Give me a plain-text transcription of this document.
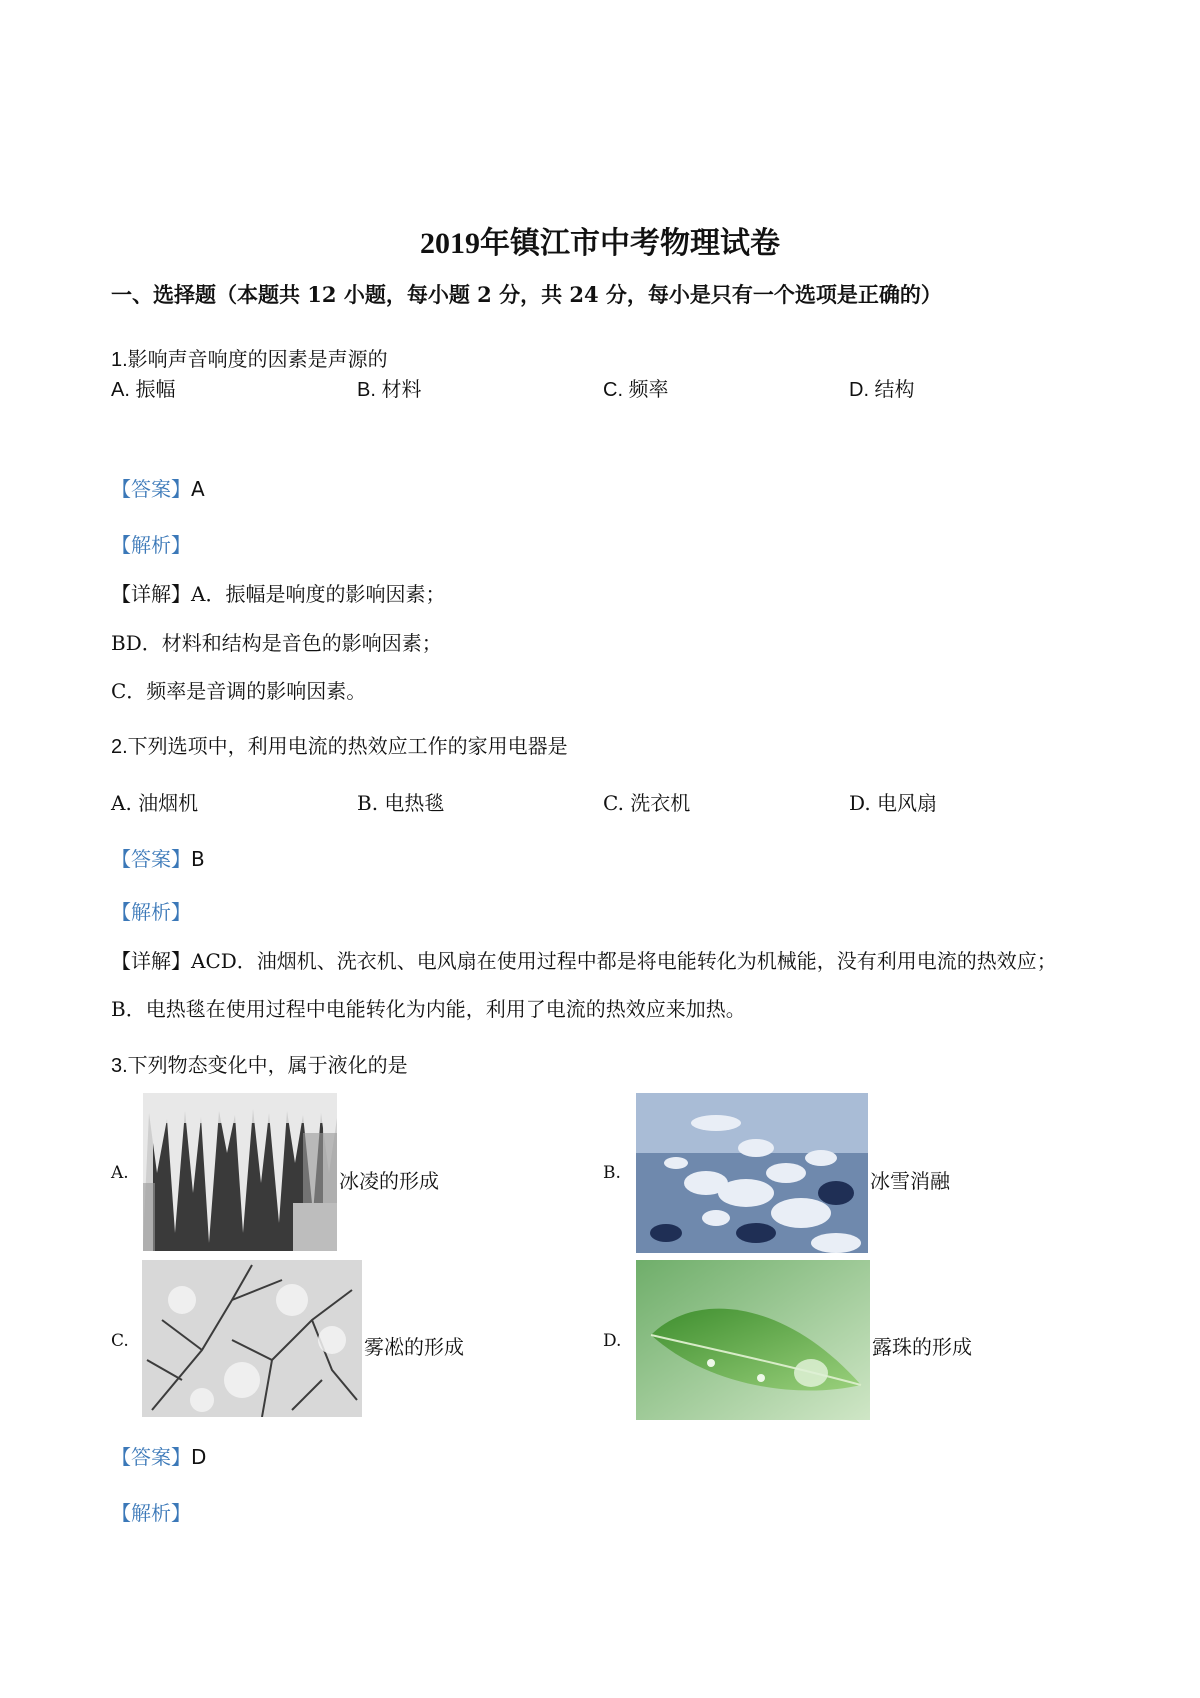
2019年镇江市中考物理试卷
一、选择题（本题共 12 小题，每小题 2 分，共 24 分，每小是只有一个选项是正确的）
1.影响声音响度的因素是声源的
A. 振幅	B. 材料	C. 频率	D. 结构
【答案】A
【解析】
【详解】A．振幅是响度的影响因素；
BD．材料和结构是音色的影响因素；
C．频率是音调的影响因素。
2.下列选项中，利用电流的热效应工作的家用电器是
A. 油烟机	B. 电热毯	C. 洗衣机	D. 电风扇
【答案】B
【解析】
【详解】ACD．油烟机、洗衣机、电风扇在使用过程中都是将电能转化为机械能，没有利用电流的热效应；
B．电热毯在使用过程中电能转化为内能，利用了电流的热效应来加热。
3.下列物态变化中，属于液化的是
A.	冰凌的形成	B.	冰雪消融
C.	雾凇的形成	D.	露珠的形成
【答案】D
【解析】
